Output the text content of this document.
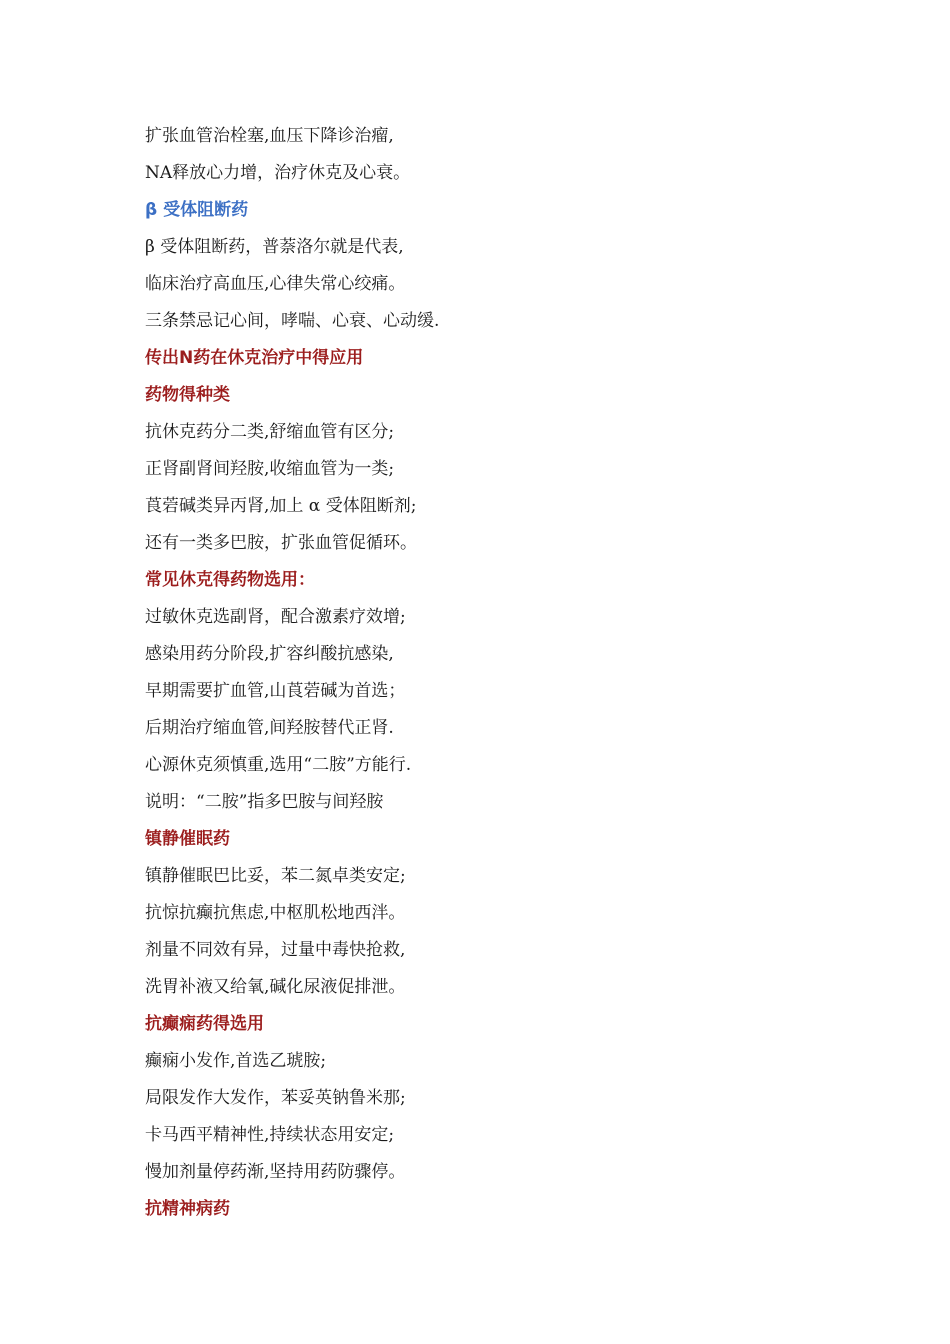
扩张血管治栓塞,血压下降诊治瘤,
NA释放心力增，治疗休克及心衰。
β 受体阻断药
β 受体阻断药，普萘洛尔就是代表,
临床治疗高血压,心律失常心绞痛。
三条禁忌记心间，哮喘、心衰、心动缓.
传出N药在休克治疗中得应用
药物得种类
抗休克药分二类,舒缩血管有区分;
正肾副肾间羟胺,收缩血管为一类;
莨菪碱类异丙肾,加上 α 受体阻断剂;
还有一类多巴胺，扩张血管促循环。
常见休克得药物选用：
过敏休克选副肾，配合激素疗效增;
感染用药分阶段,扩容纠酸抗感染,
早期需要扩血管,山莨菪碱为首选；
后期治疗缩血管,间羟胺替代正肾.
心源休克须慎重,选用“二胺”方能行.
说明：“二胺”指多巴胺与间羟胺
镇静催眠药
镇静催眠巴比妥，苯二氮卓类安定;
抗惊抗癫抗焦虑,中枢肌松地西泮。
剂量不同效有异，过量中毒快抢救,
洗胃补液又给氧,碱化尿液促排泄。
抗癫痫药得选用
癫痫小发作,首选乙琥胺;
局限发作大发作，苯妥英钠鲁米那;
卡马西平精神性,持续状态用安定;
慢加剂量停药渐,坚持用药防骤停。
抗精神病药
